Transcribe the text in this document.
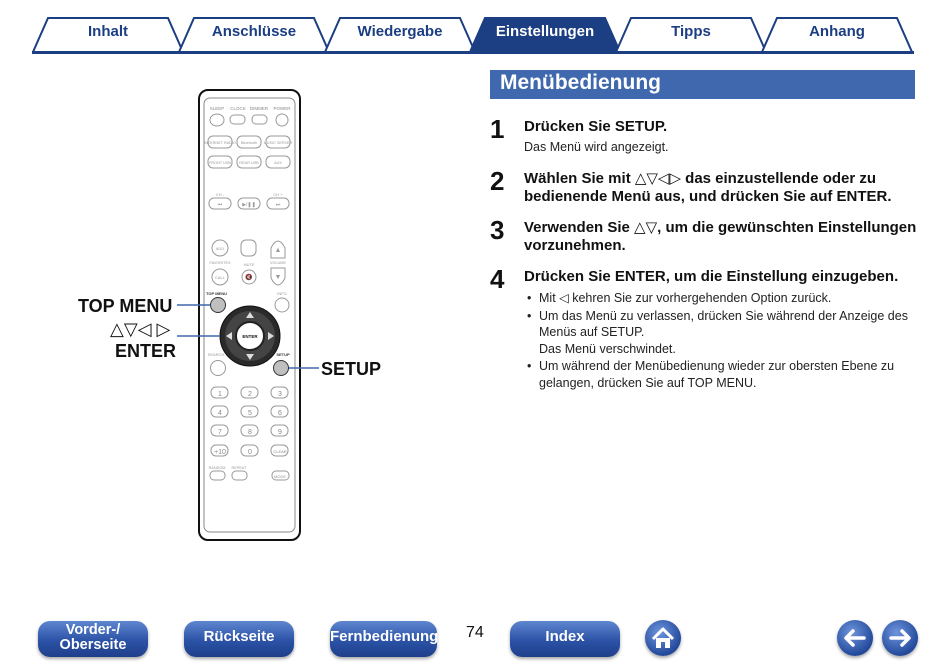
Inhalt	Anschlüsse	Wiedergabe	Einstellungen	Tipps	Anhang
SLEEP CLOCK DIMMER POWER
INTERNET RADIO Bluetooth MUSIC SERVER
FRONT USB REAR USB	AUX
CH -	CH +
⏮	▶/❚❚	⏭
ADD	▲
FAVORITES	MUTE	VOLUME
CALL	🔇	▼
TOP MENU	INFO
ENTER
SEARCH	SETUP
1	2	3
4	5	6
7	8	9
+10	0	CLEAR
RANDOM REPEAT
MODE
TOP MENU
△▽◁ ▷
ENTER
SETUP
Menübedienung
1 Drücken Sie SETUP.
Das Menü wird angezeigt.
2 Wählen Sie mit △▽◁▷ das einzustellende oder zu
bedienende Menü aus, und drücken Sie auf ENTER.
3 Verwenden Sie △▽, um die gewünschten Einstellungen
vorzunehmen.
4 Drücken Sie ENTER, um die Einstellung einzugeben.
• Mit ◁ kehren Sie zur vorhergehenden Option zurück.
• Um das Menü zu verlassen, drücken Sie während der Anzeige des Menüs auf SETUP.
Das Menü verschwindet.
• Um während der Menübedienung wieder zur obersten Ebene zu gelangen, drücken Sie auf TOP MENU.
Vorder-/
Oberseite	Rückseite	Fernbedienung 74	Index
